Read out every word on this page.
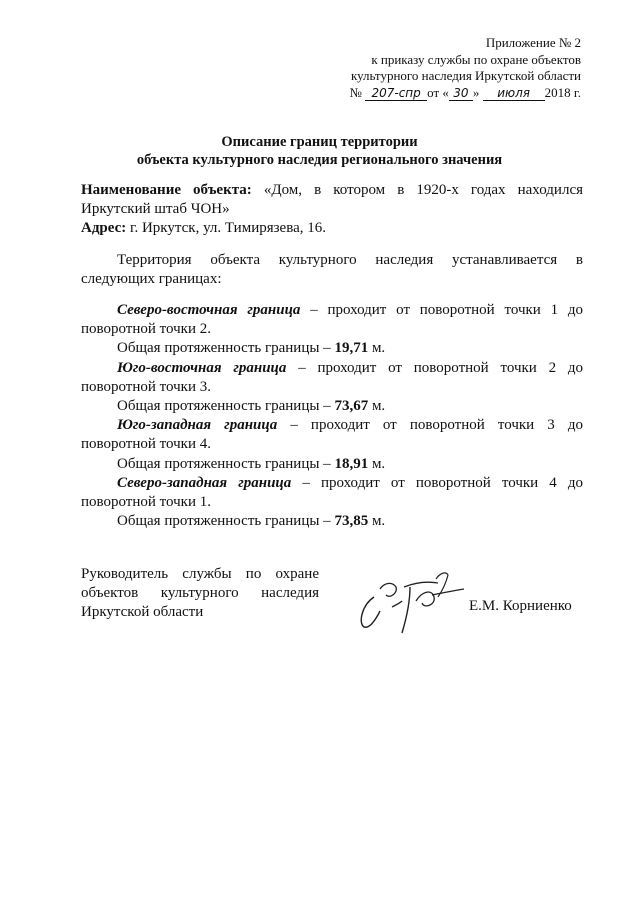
Приложение № 2
к приказу службы по охране объектов
культурного наследия Иркутской области
№ 207-спр от « 30 » июля 2018 г.
Описание границ территории
объекта культурного наследия регионального значения

Наименование объекта: «Дом, в котором в 1920-х годах находился Иркутский штаб ЧОН»

Адрес: г. Иркутск, ул. Тимирязева, 16.

Территория объекта культурного наследия устанавливается в

следующих границах:

Северо-восточная граница – проходит от поворотной точки 1 до

поворотной точки 2.

Общая протяженность границы – 19,71 м.

Юго-восточная граница – проходит от поворотной точки 2 до

поворотной точки 3.

Общая протяженность границы – 73,67 м.

Юго-западная граница – проходит от поворотной точки 3 до

поворотной точки 4.

Общая протяженность границы – 18,91 м.

Северо-западная граница – проходит от поворотной точки 4 до

поворотной точки 1.

Общая протяженность границы – 73,85 м.

Руководитель службы по охране
объектов культурного наследия
Иркутской области	Е.М. Корниенко
